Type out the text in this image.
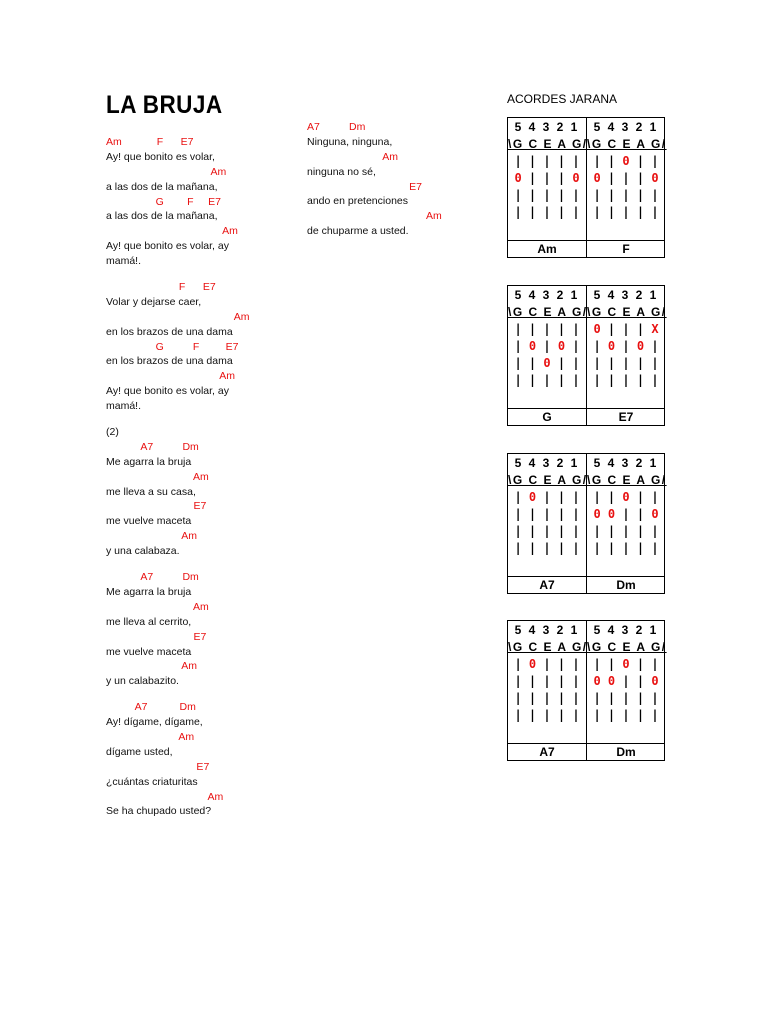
LA BRUJA	ACORDES JARANA
Am            F      E7
Ay! que bonito es volar,
Am
a las dos de la mañana,
G        F     E7
a las dos de la mañana,
Am
Ay! que bonito es volar, ay
mamá!.
F      E7
Volar y dejarse caer,
Am
en los brazos de una dama
G          F         E7
en los brazos de una dama
Am
Ay! que bonito es volar, ay
mamá!.
(2)
A7          Dm
Me agarra la bruja
Am
me lleva a su casa,
E7
me vuelve maceta
Am
y una calabaza.
A7          Dm
Me agarra la bruja
Am
me lleva al cerrito,
E7
me vuelve maceta
Am
y un calabazito.
A7           Dm
Ay! dígame, dígame,
Am
dígame usted,
E7
¿cuántas criaturitas
Am
Se ha chupado usted?
A7          Dm
Ninguna, ninguna,
Am
ninguna no sé,
E7
ando en pretenciones
Am
de chuparme a usted.
5 4 3 2 1
\G C E A G/
| | | | |
0 | | | 0
| | | | |
| | | | |
Am
5 4 3 2 1
\G C E A G/
| | 0 | |
0 | | | 0
| | | | |
| | | | |
F
5 4 3 2 1
\G C E A G/
| | | | |
| 0 | 0 |
| | 0 | |
| | | | |
G
5 4 3 2 1
\G C E A G/
0 | | | X
| 0 | 0 |
| | | | |
| | | | |
E7
5 4 3 2 1
\G C E A G/
| 0 | | |
| | | | |
| | | | |
| | | | |
A7
5 4 3 2 1
\G C E A G/
| | 0 | |
0 0 | | 0
| | | | |
| | | | |
Dm
5 4 3 2 1
\G C E A G/
| 0 | | |
| | | | |
| | | | |
| | | | |
A7
5 4 3 2 1
\G C E A G/
| | 0 | |
0 0 | | 0
| | | | |
| | | | |
Dm
